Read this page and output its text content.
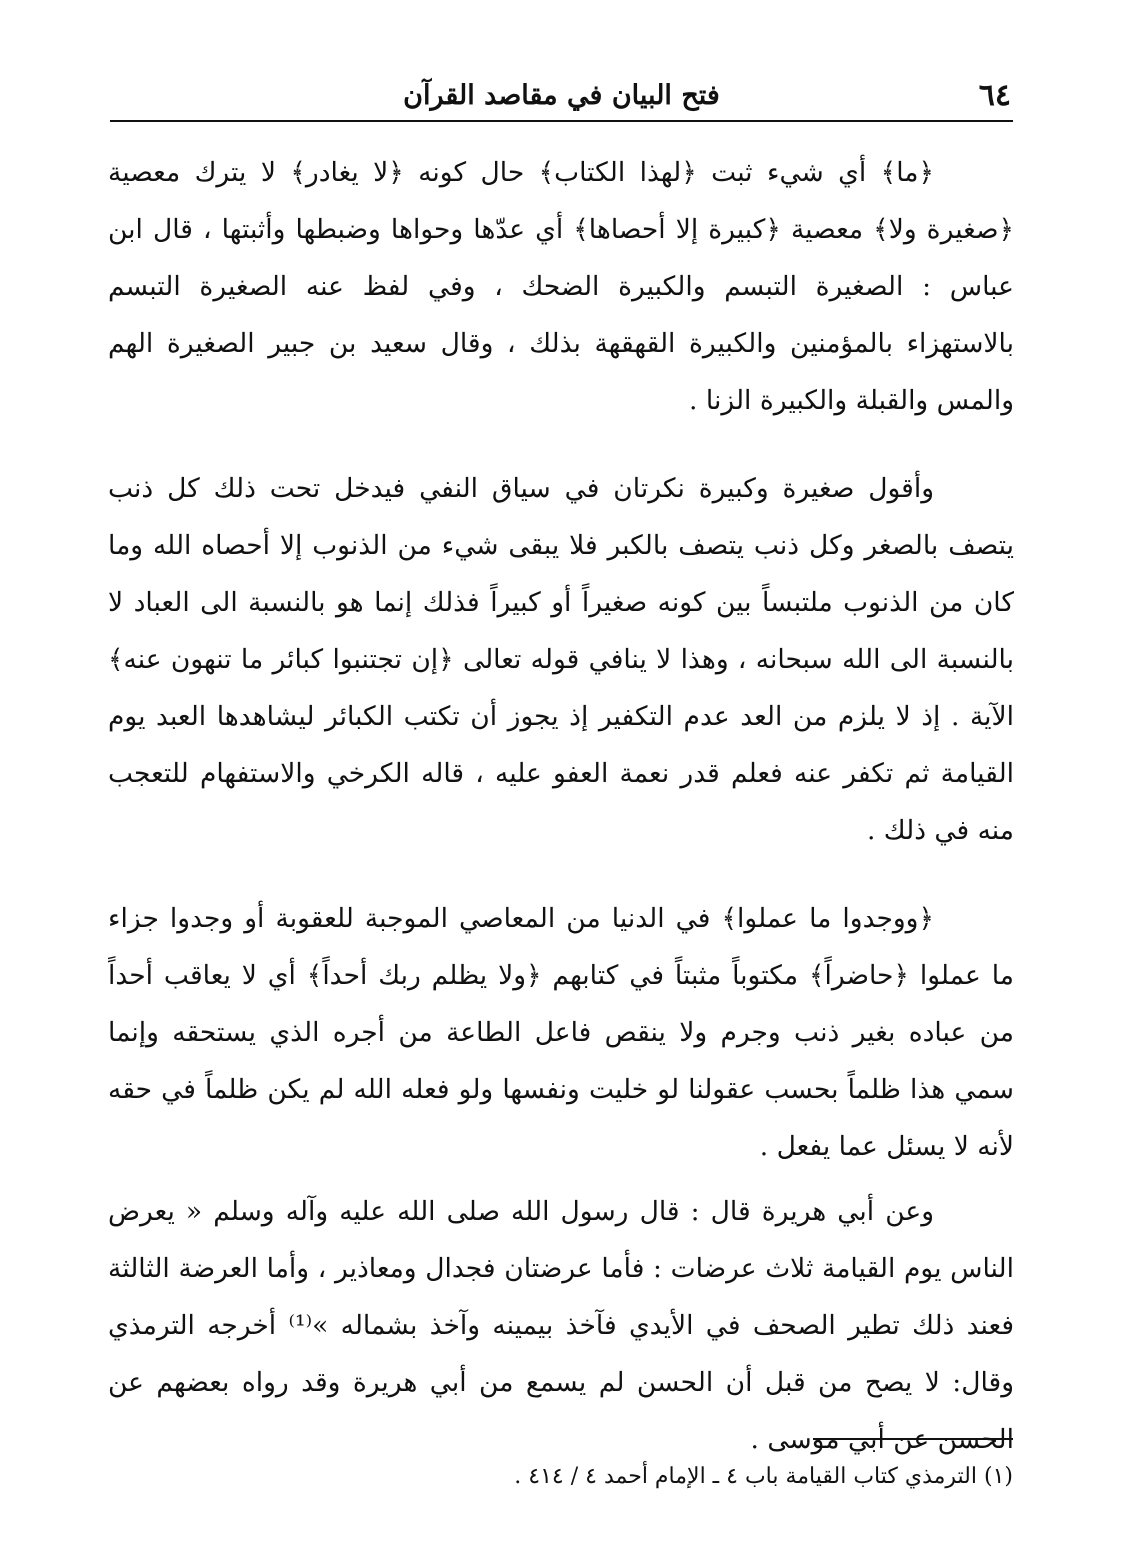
٦٤
فتح البيان في مقاصد القرآن

﴿ما﴾ أي شيء ثبت ﴿لهذا الكتاب﴾ حال كونه ﴿لا يغادر﴾ لا يترك معصية ﴿صغيرة ولا﴾ معصية ﴿كبيرة إلا أحصاها﴾ أي عدّها وحواها وضبطها وأثبتها ، قال ابن عباس : الصغيرة التبسم والكبيرة الضحك ، وفي لفظ عنه الصغيرة التبسم بالاستهزاء بالمؤمنين والكبيرة القهقهة بذلك ، وقال سعيد بن جبير الصغيرة الهم والمس والقبلة والكبيرة الزنا .

وأقول صغيرة وكبيرة نكرتان في سياق النفي فيدخل تحت ذلك كل ذنب يتصف بالصغر وكل ذنب يتصف بالكبر فلا يبقى شيء من الذنوب إلا أحصاه الله وما كان من الذنوب ملتبساً بين كونه صغيراً أو كبيراً فذلك إنما هو بالنسبة الى العباد لا بالنسبة الى الله سبحانه ، وهذا لا ينافي قوله تعالى ﴿إن تجتنبوا كبائر ما تنهون عنه﴾ الآية . إذ لا يلزم من العد عدم التكفير إذ يجوز أن تكتب الكبائر ليشاهدها العبد يوم القيامة ثم تكفر عنه فعلم قدر نعمة العفو عليه ، قاله الكرخي والاستفهام للتعجب منه في ذلك .

﴿ووجدوا ما عملوا﴾ في الدنيا من المعاصي الموجبة للعقوبة أو وجدوا جزاء ما عملوا ﴿حاضراً﴾ مكتوباً مثبتاً في كتابهم ﴿ولا يظلم ربك أحداً﴾ أي لا يعاقب أحداً من عباده بغير ذنب وجرم ولا ينقص فاعل الطاعة من أجره الذي يستحقه وإنما سمي هذا ظلماً بحسب عقولنا لو خليت ونفسها ولو فعله الله لم يكن ظلماً في حقه لأنه لا يسئل عما يفعل .

وعن أبي هريرة قال : قال رسول الله صلى الله عليه وآله وسلم « يعرض الناس يوم القيامة ثلاث عرضات : فأما عرضتان فجدال ومعاذير ، وأما العرضة الثالثة فعند ذلك تطير الصحف في الأيدي فآخذ بيمينه وآخذ بشماله »⁽¹⁾ أخرجه الترمذي وقال: لا يصح من قبل أن الحسن لم يسمع من أبي هريرة وقد رواه بعضهم عن الحسن عن أبي موسى .

(١) الترمذي كتاب القيامة باب ٤ ـ الإمام أحمد ٤ / ٤١٤ .
